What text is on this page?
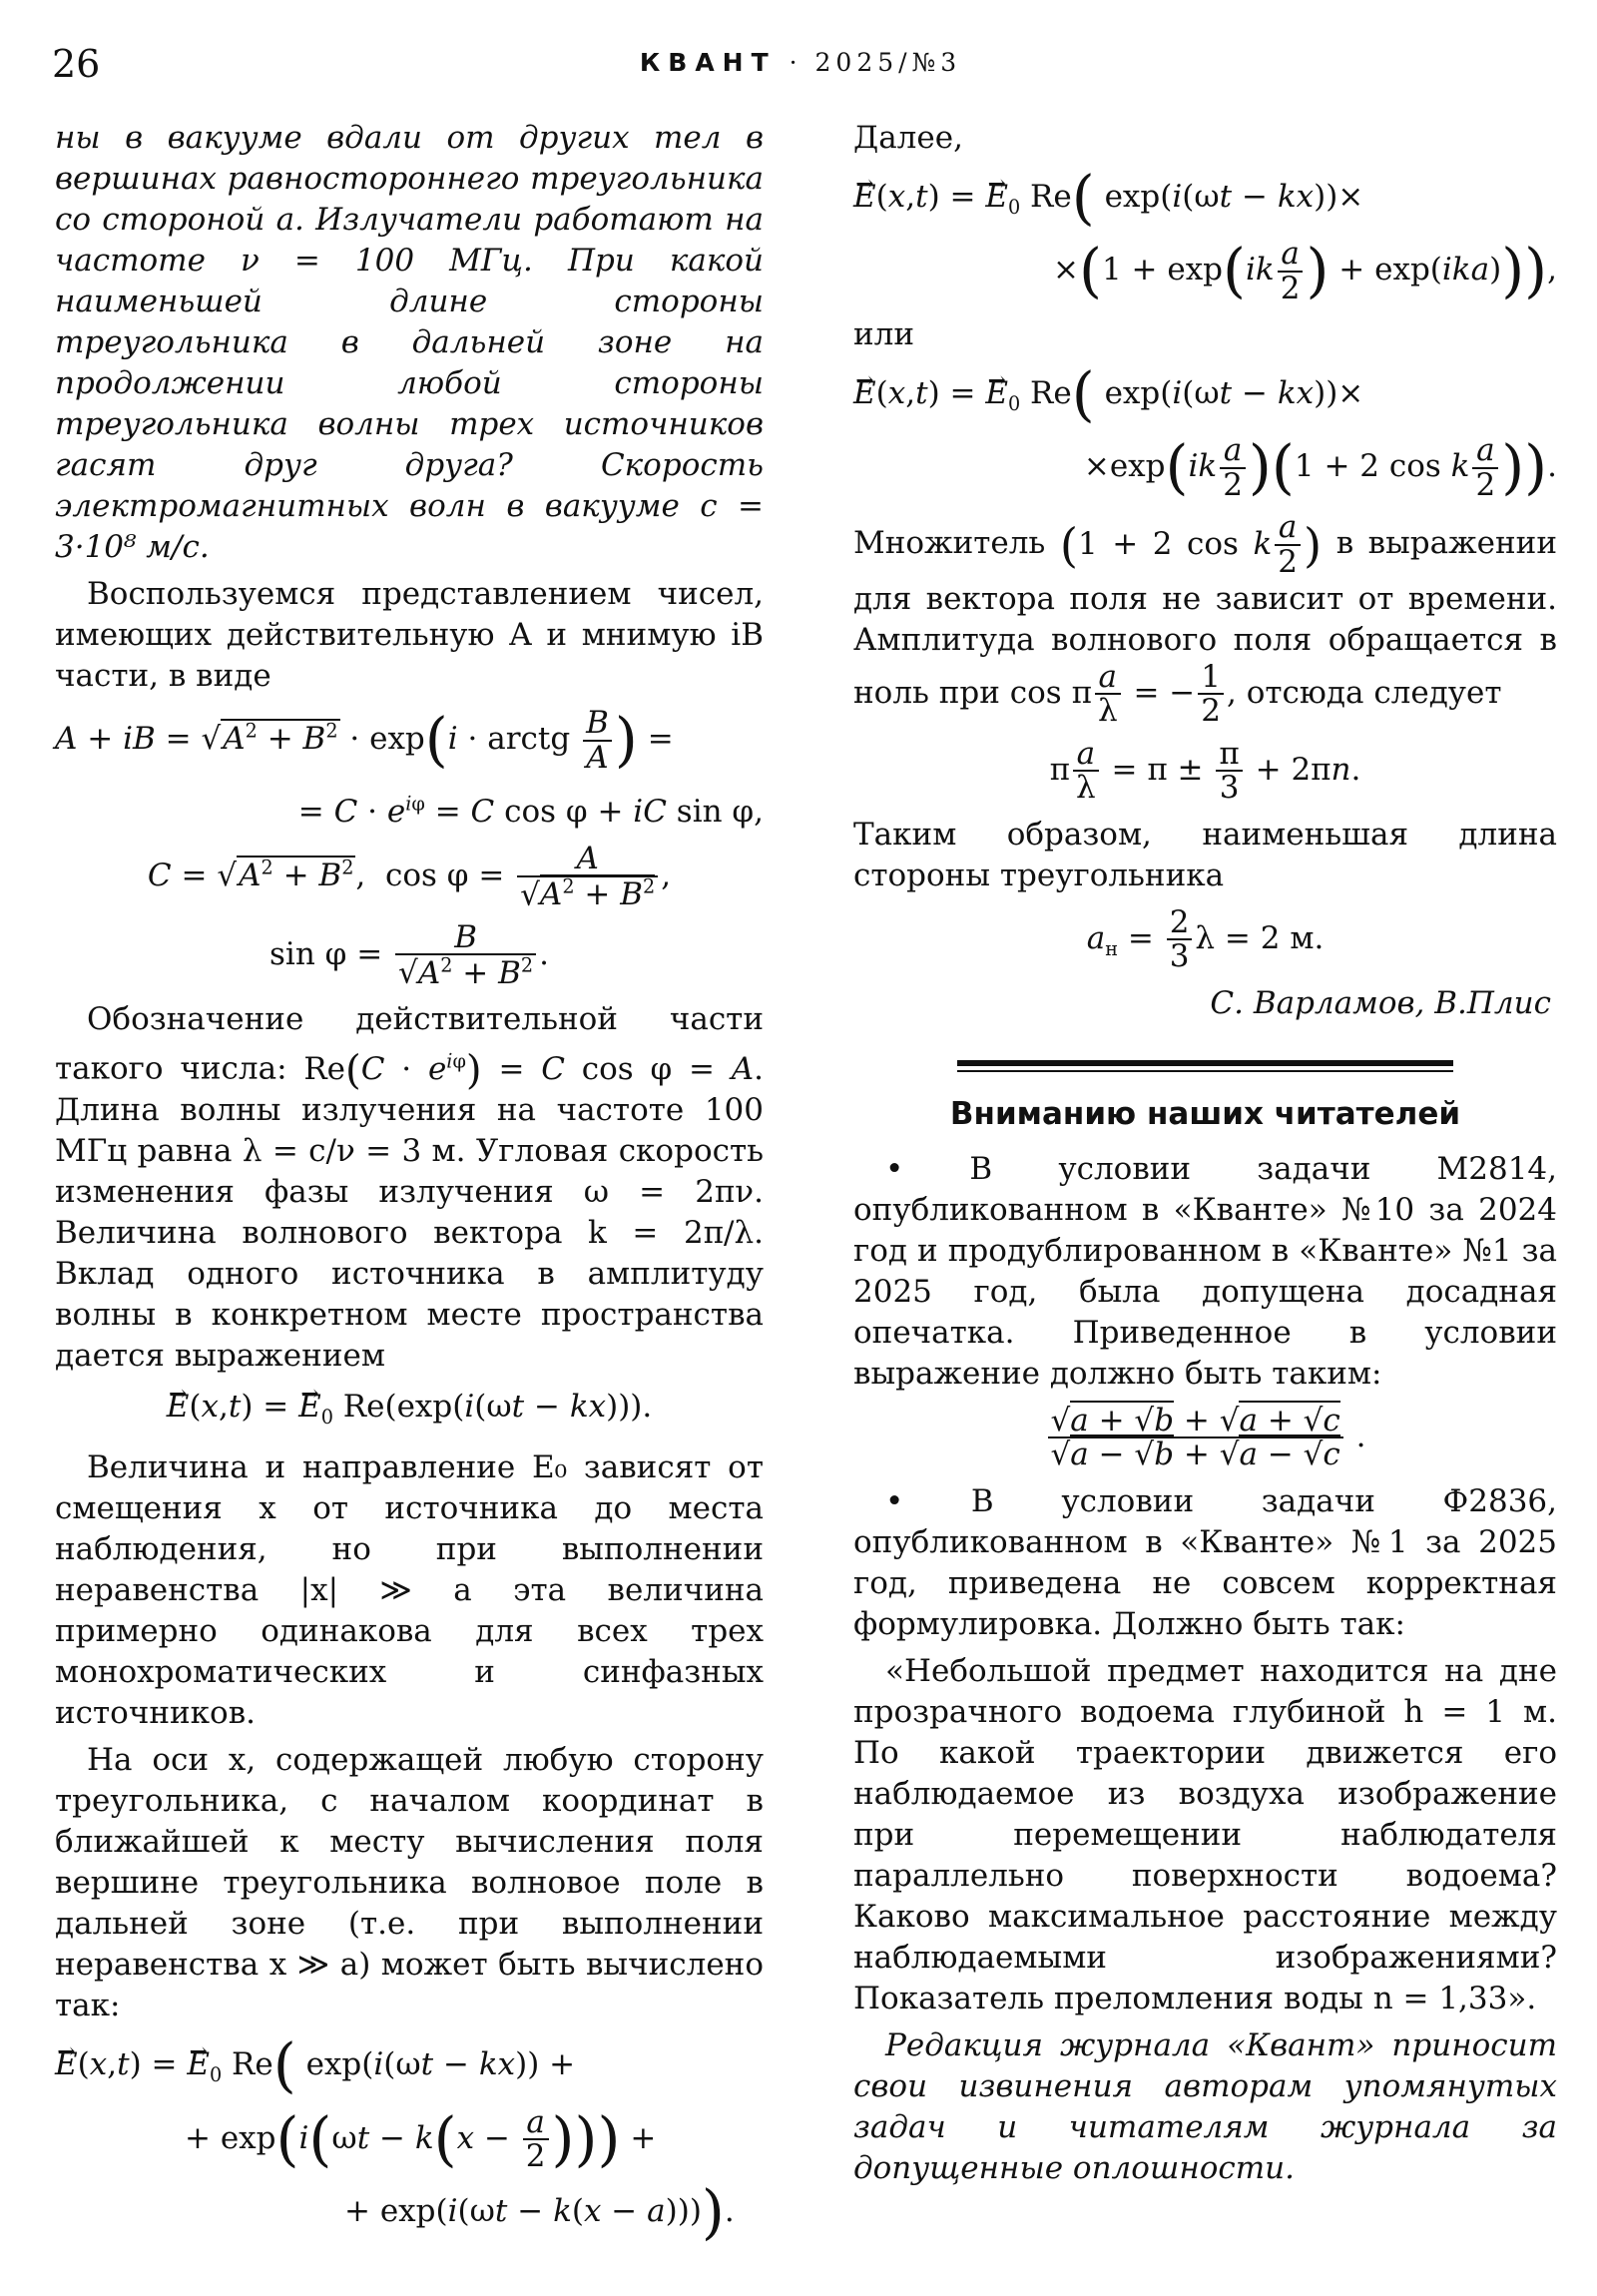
26	КВАНТ · 2025/№3

ны в вакууме вдали от других тел в вершинах равностороннего треугольника со стороной a. Излучатели работают на частоте ν = 100 МГц. При какой наименьшей длине стороны треугольника в дальней зоне на продолжении любой стороны треугольника волны трех источников гасят друг друга? Скорость электромагнитных волн в вакууме c = 3·10⁸ м/с.

Воспользуемся представлением чисел, имеющих действительную A и мнимую iB части, в виде

A + iB = $√A^2 + B^2 \cdot \exp(i$ · arctg $\frac{B}{A}$ ) =
= $C \cdot e^{i\varphi} = C$ cos φ + iC sin φ,
$C = √A^2 + B^2$,  $\cos \varphi = \frac{A}{√A^2 + B^2}$ ,
$\sin \varphi = \frac{B}{√A^2 + B^2}$ .

Обозначение действительной части такого числа: $Re(C \cdot e^{i\varphi}) = C$ cos φ = A. Длина волны излучения на частоте 100 МГц равна λ = c/ν = 3 м. Угловая скорость изменения фазы излучения ω = 2πν. Величина волнового вектора k = 2π/λ. Вклад одного источника в амплитуду волны в конкретном месте пространства дается выражением

→ E(x,t) = → $E_0$ Re(exp(i(ωt − kx))).

Величина и направление E₀ зависят от смещения x от источника до места наблюдения, но при выполнении неравенства |x| ≫ a эта величина примерно одинакова для всех трех монохроматических и синфазных источников.

На оси x, содержащей любую сторону треугольника, с началом координат в ближайшей к месту вычисления поля вершине треугольника волновое поле в дальней зоне (т.е. при выполнении неравенства x ≫ a) может быть вычислено так:

→ E(x,t) = → $E_0$ Re( exp(i(ωt − kx)) +
+ $\exp(i(\omega t - k(x - \frac{a}{2}$ ))) +
+ exp(i(ωt − k(x − a)))).

Далее,

→ E(x,t) = → $E_0$ Re( exp(i(ωt − kx))×
$\times(1 + \exp(ik \frac{a}{2}$ ) + exp(ika))),

или

→ E(x,t) = → $E_0$ Re( exp(i(ωt − kx))×
$\times\exp(ik \frac{a}{2} )(1 + 2$ cos k $\frac{a}{2}$ )).

Множитель (1 + 2 cos k $\frac{a}{2}$ ) в выражении для вектора поля не зависит от времени. Амплитуда волнового поля обращается в ноль при cos π $\frac{a}{\lambda}$ = − $\frac{1}{2}$ , отсюда следует

π $\frac{a}{\lambda} = \pi \pm \frac{\pi}{3} + 2\pi n$.

Таким образом, наименьшая длина стороны треугольника

$a_н = \frac{2}{3}$ λ = 2 м.
С. Варламов, В.Плис
Вниманию наших читателей

• В условии задачи М2814, опубликованном в «Кванте» №10 за 2024 год и продублированном в «Кванте» №1 за 2025 год, была допущена досадная опечатка. Приведенное в условии выражение должно быть таким:

$\frac{√a + √b + √a + √c}{√a - √b + √a - √c}$ .

• В условии задачи Ф2836, опубликованном в «Кванте» №1 за 2025 год, приведена не совсем корректная формулировка. Должно быть так:

«Небольшой предмет находится на дне прозрачного водоема глубиной h = 1 м. По какой траектории движется его наблюдаемое из воздуха изображение при перемещении наблюдателя параллельно поверхности водоема? Каково максимальное расстояние между наблюдаемыми изображениями? Показатель преломления воды n = 1,33».

Редакция журнала «Квант» приносит свои извинения авторам упомянутых задач и читателям журнала за допущенные оплошности.
